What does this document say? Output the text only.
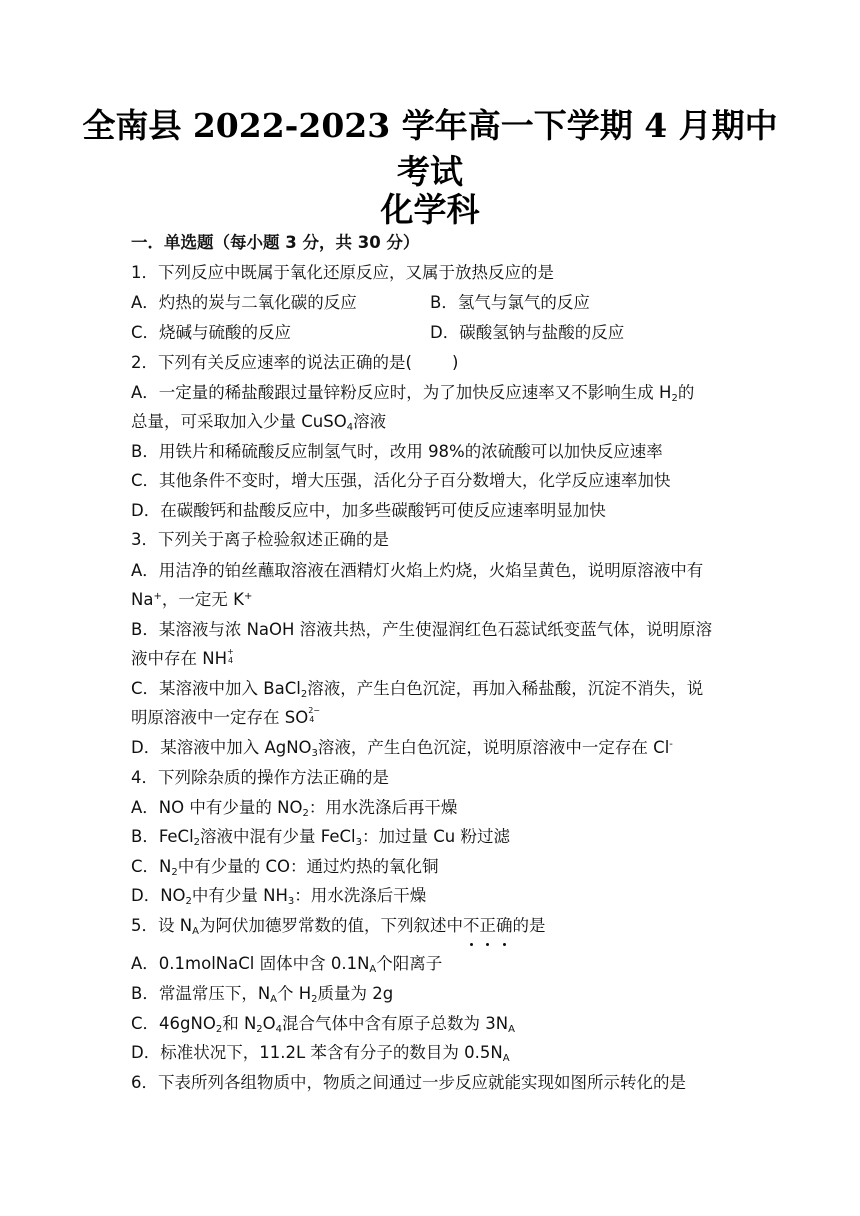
全南县 2022-2023 学年高一下学期 4 月期中
考试
化学科
一．单选题（每小题 3 分，共 30 分）
1．下列反应中既属于氧化还原反应，又属于放热反应的是
A．灼热的炭与二氧化碳的反应	B．氢气与氯气的反应
C．烧碱与硫酸的反应	D．碳酸氢钠与盐酸的反应
2．下列有关反应速率的说法正确的是( )
A．一定量的稀盐酸跟过量锌粉反应时，为了加快反应速率又不影响生成 $H_2$的
总量，可采取加入少量 CuSO$_4$溶液
B．用铁片和稀硫酸反应制氢气时，改用 98%的浓硫酸可以加快反应速率
C．其他条件不变时，增大压强，活化分子百分数增大，化学反应速率加快
D．在碳酸钙和盐酸反应中，加多些碳酸钙可使反应速率明显加快
3．下列关于离子检验叙述正确的是
A．用洁净的铂丝蘸取溶液在酒精灯火焰上灼烧，火焰呈黄色，说明原溶液中有
Na+，一定无 K+
B．某溶液与浓 NaOH 溶液共热，产生使湿润红色石蕊试纸变蓝气体，说明原溶
液中存在 NH +
4
C．某溶液中加入 BaCl$_2$溶液，产生白色沉淀，再加入稀盐酸，沉淀不消失，说
明原溶液中一定存在 SO 2−
4
D．某溶液中加入 AgNO$_3$溶液，产生白色沉淀，说明原溶液中一定存在 Cl-
4．下列除杂质的操作方法正确的是
A．NO 中有少量的 $NO_2$：用水洗涤后再干燥
B．FeCl$_2$溶液中混有少量 FeCl$_3$：加过量 Cu 粉过滤
C．$N_2$中有少量的 CO：通过灼热的氧化铜
D．$NO_2$中有少量 $NH_3$：用水洗涤后干燥
5．设 $N_A$为阿伏加德罗常数的值，下列叙述中不
正
确
的是
A．0.1molNaCl 固体中含 $0.1N_A$个阳离子
B．常温常压下，$N_A$个 $H_2$质量为 2g
C．46gNO$_2$和 $N_2O_4$混合气体中含有原子总数为 $3N_A$
D．标准状况下，11.2L 苯含有分子的数目为 $0.5N_A$
6．下表所列各组物质中，物质之间通过一步反应就能实现如图所示转化的是
